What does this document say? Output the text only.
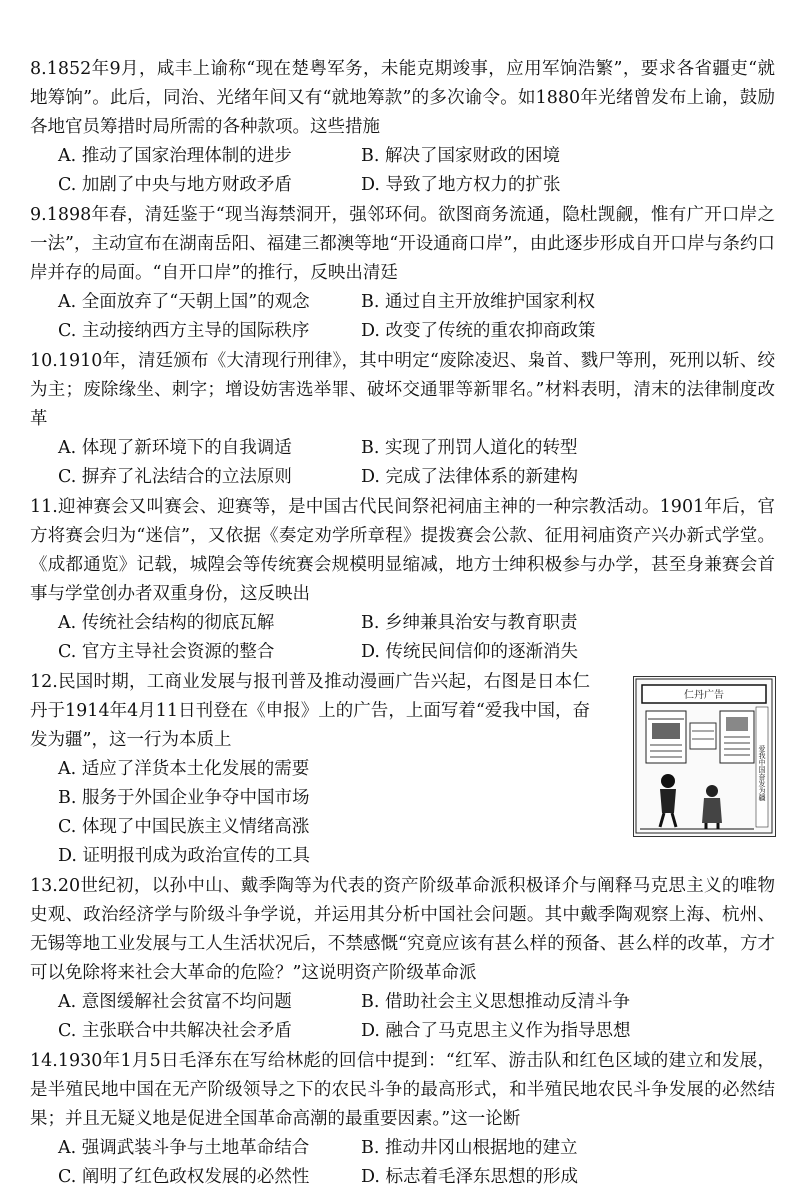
8.1852年9月，咸丰上谕称“现在楚粤军务，未能克期竣事，应用军饷浩繁”，要求各省疆吏“就地筹饷”。此后，同治、光绪年间又有“就地筹款”的多次谕令。如1880年光绪曾发布上谕，鼓励各地官员筹措时局所需的各种款项。这些措施

A. 推动了国家治理体制的进步	B. 解决了国家财政的困境
C. 加剧了中央与地方财政矛盾	D. 导致了地方权力的扩张

9.1898年春，清廷鉴于“现当海禁洞开，强邻环伺。欲图商务流通，隐杜觊觎，惟有广开口岸之一法”，主动宣布在湖南岳阳、福建三都澳等地“开设通商口岸”，由此逐步形成自开口岸与条约口岸并存的局面。“自开口岸”的推行，反映出清廷

A. 全面放弃了“天朝上国”的观念	B. 通过自主开放维护国家利权
C. 主动接纳西方主导的国际秩序	D. 改变了传统的重农抑商政策

10.1910年，清廷颁布《大清现行刑律》，其中明定“废除凌迟、枭首、戮尸等刑，死刑以斩、绞为主；废除缘坐、刺字；增设妨害选举罪、破坏交通罪等新罪名。”材料表明，清末的法律制度改革

A. 体现了新环境下的自我调适	B. 实现了刑罚人道化的转型
C. 摒弃了礼法结合的立法原则	D. 完成了法律体系的新建构

11.迎神赛会又叫赛会、迎赛等，是中国古代民间祭祀祠庙主神的一种宗教活动。1901年后，官方将赛会归为“迷信”，又依据《奏定劝学所章程》提拨赛会公款、征用祠庙资产兴办新式学堂。《成都通览》记载，城隍会等传统赛会规模明显缩减，地方士绅积极参与办学，甚至身兼赛会首事与学堂创办者双重身份，这反映出

A. 传统社会结构的彻底瓦解	B. 乡绅兼具治安与教育职责
C. 官方主导社会资源的整合	D. 传统民间信仰的逐渐消失

12.民国时期，工商业发展与报刊普及推动漫画广告兴起，右图是日本仁丹于1914年4月11日刊登在《申报》上的广告，上面写着“爱我中国，奋发为疆”，这一行为本质上

A. 适应了洋货本土化发展的需要
B. 服务于外国企业争夺中国市场
C. 体现了中国民族主义情绪高涨
D. 证明报刊成为政治宣传的工具
仁丹广告
爱我中国奋发为疆

13.20世纪初，以孙中山、戴季陶等为代表的资产阶级革命派积极译介与阐释马克思主义的唯物史观、政治经济学与阶级斗争学说，并运用其分析中国社会问题。其中戴季陶观察上海、杭州、无锡等地工业发展与工人生活状况后，不禁感慨“究竟应该有甚么样的预备、甚么样的改革，方才可以免除将来社会大革命的危险？”这说明资产阶级革命派

A. 意图缓解社会贫富不均问题	B. 借助社会主义思想推动反清斗争
C. 主张联合中共解决社会矛盾	D. 融合了马克思主义作为指导思想

14.1930年1月5日毛泽东在写给林彪的回信中提到：“红军、游击队和红色区域的建立和发展，是半殖民地中国在无产阶级领导之下的农民斗争的最高形式，和半殖民地农民斗争发展的必然结果；并且无疑义地是促进全国革命高潮的最重要因素。”这一论断

A. 强调武装斗争与土地革命结合	B. 推动井冈山根据地的建立
C. 阐明了红色政权发展的必然性	D. 标志着毛泽东思想的形成
